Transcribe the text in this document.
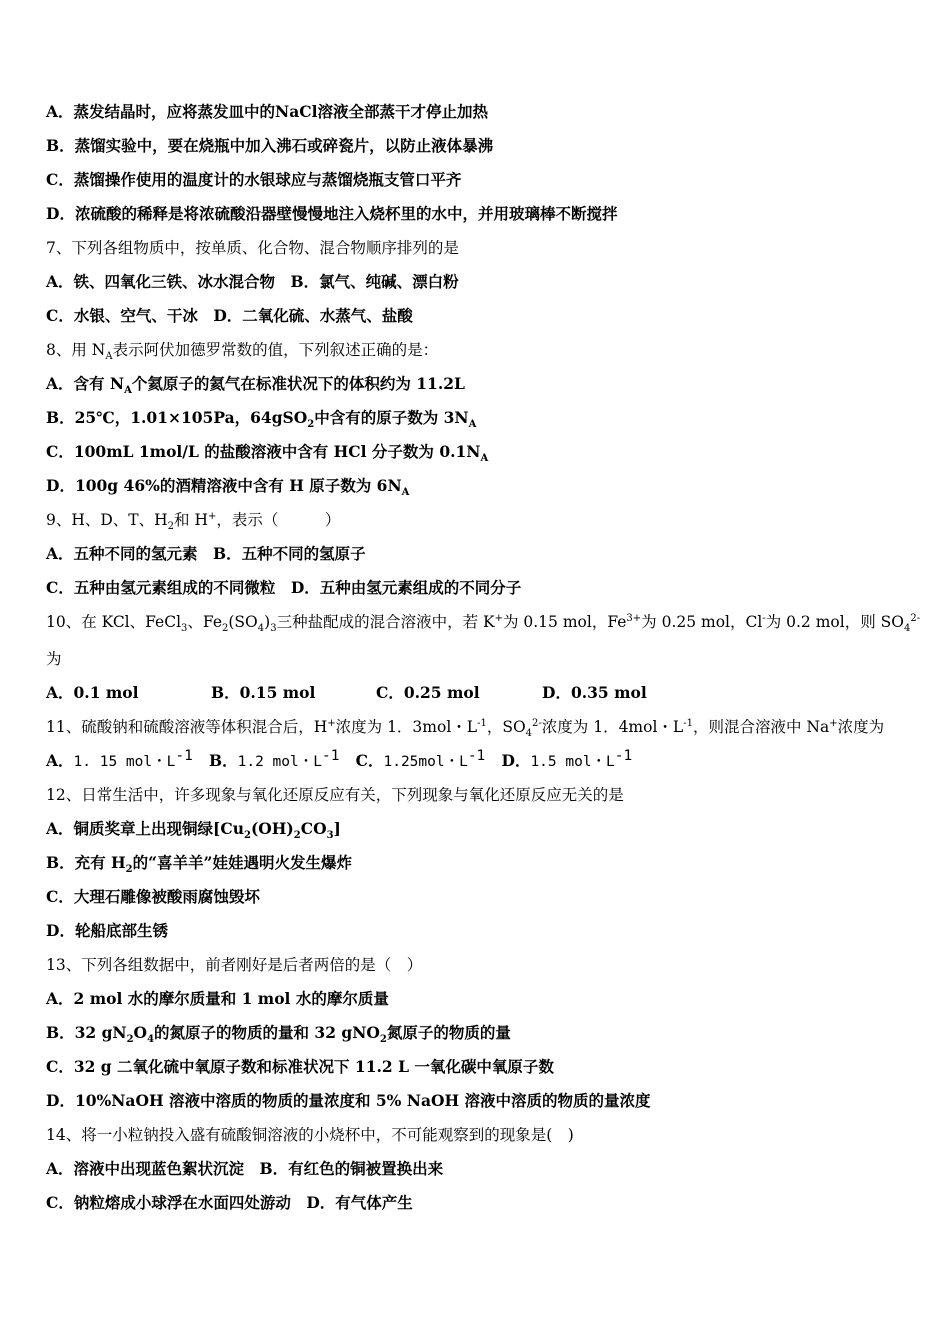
A．蒸发结晶时，应将蒸发皿中的NaCl溶液全部蒸干才停止加热
B．蒸馏实验中，要在烧瓶中加入沸石或碎瓷片，以防止液体暴沸
C．蒸馏操作使用的温度计的水银球应与蒸馏烧瓶支管口平齐
D．浓硫酸的稀释是将浓硫酸沿器壁慢慢地注入烧杯里的水中，并用玻璃棒不断搅拌
7、下列各组物质中，按单质、化合物、混合物顺序排列的是
A．铁、四氧化三铁、冰水混合物　B．氯气、纯碱、漂白粉
C．水银、空气、干冰　D．二氧化硫、水蒸气、盐酸
8、用 $N_A$表示阿伏加德罗常数的值，下列叙述正确的是：
A．含有 $N_A$个氦原子的氦气在标准状况下的体积约为 11.2L
B．25℃，1.01×105Pa，64gSO$_2$中含有的原子数为 $3N_A$
C．100mL 1mol/L 的盐酸溶液中含有 HCl 分子数为 $0.1N_A$
D．100g 46%的酒精溶液中含有 H 原子数为 $6N_A$
9、H、D、T、$H_2$和 H+，表示（　　　）
A．五种不同的氢元素　B．五种不同的氢原子
C．五种由氢元素组成的不同微粒　D．五种由氢元素组成的不同分子
10、在 KCl、FeCl$_3$、$Fe_2(SO_4)_3$三种盐配成的混合溶液中，若 K+为 0.15 mol，$Fe^{3+}$为 0.25 mol，Cl-为 0.2 mol，则 $SO_4^{2-}$
为
A．0.1 mol	B．0.15 mol	C．0.25 mol	D．0.35 mol
11、硫酸钠和硫酸溶液等体积混合后，H+浓度为 1．3mol・$L^{-1}$，$SO_4^{2-}$浓度为 1．4mol・$L^{-1}$，则混合溶液中 Na+浓度为
A．1. 15 mol・$L^{-1}$ B．1.2 mol・$L^{-1}$ C．1.25mol・$L^{-1}$ D．1.5 mol・$L^{-1}$
12、日常生活中，许多现象与氧化还原反应有关，下列现象与氧化还原反应无关的是
A．铜质奖章上出现铜绿$[Cu_2(OH)_2CO_3]$
B．充有 $H_2$的“喜羊羊”娃娃遇明火发生爆炸
C．大理石雕像被酸雨腐蚀毁坏
D．轮船底部生锈
13、下列各组数据中，前者刚好是后者两倍的是（　）
A．2 mol 水的摩尔质量和 1 mol 水的摩尔质量
B．32 $gN_2O_4$的氮原子的物质的量和 32 gNO$_2$氮原子的物质的量
C．32 g 二氧化硫中氧原子数和标准状况下 11.2 L 一氧化碳中氧原子数
D．10%NaOH 溶液中溶质的物质的量浓度和 5% NaOH 溶液中溶质的物质的量浓度
14、将一小粒钠投入盛有硫酸铜溶液的小烧杯中，不可能观察到的现象是(　)
A．溶液中出现蓝色絮状沉淀　B．有红色的铜被置换出来
C．钠粒熔成小球浮在水面四处游动　D．有气体产生
